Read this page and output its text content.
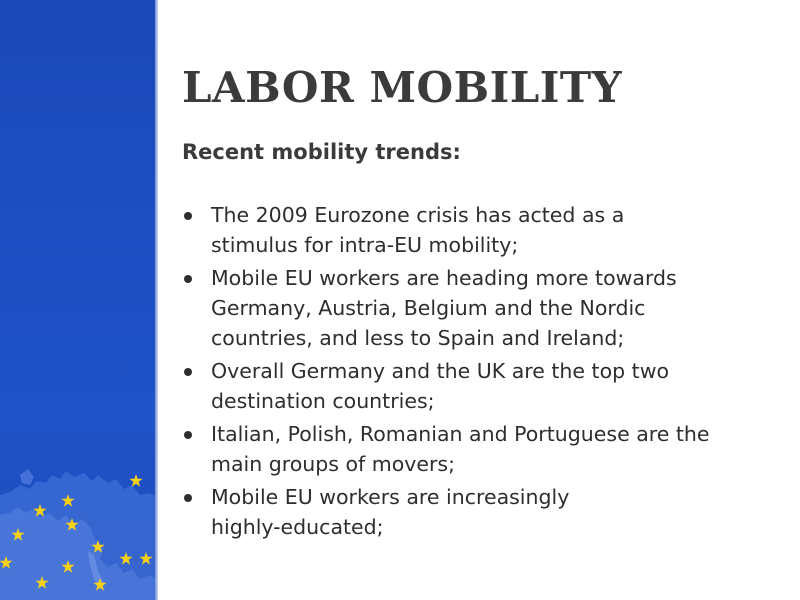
LABOR MOBILITY
Recent mobility trends:
The 2009 Eurozone crisis has acted as a
stimulus for intra-EU mobility;
Mobile EU workers are heading more towards
Germany, Austria, Belgium and the Nordic
countries, and less to Spain and Ireland;
Overall Germany and the UK are the top two
destination countries;
Italian, Polish, Romanian and Portuguese are the
main groups of movers;
Mobile EU workers are increasingly
highly-educated;
